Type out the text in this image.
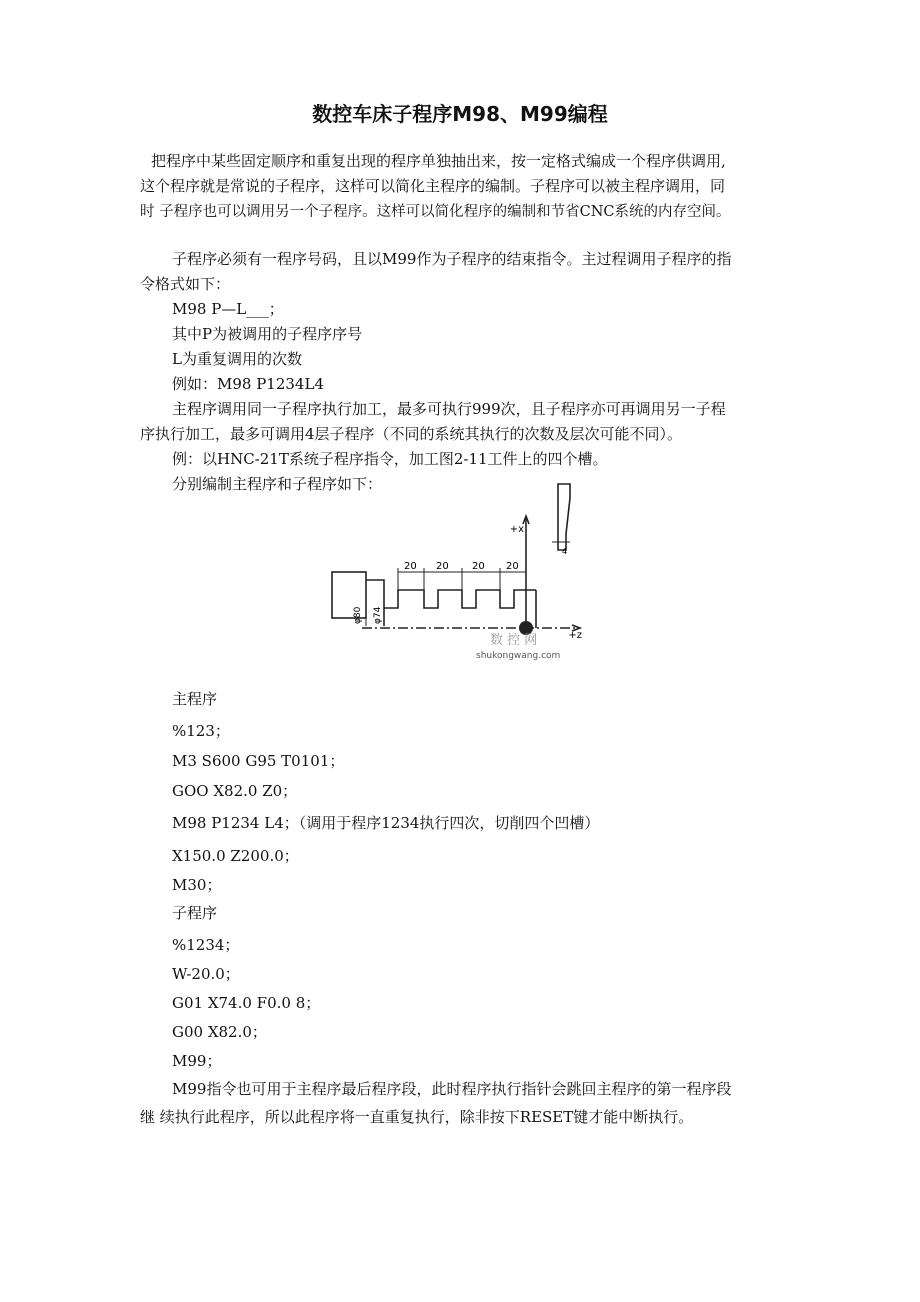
数控车床子程序M98、M99编程
把程序中某些固定顺序和重复出现的程序单独抽出来，按一定格式编成一个程序供调用,
这个程序就是常说的子程序，这样可以简化主程序的编制。子程序可以被主程序调用，同
时 子程序也可以调用另一个子程序。这样可以简化程序的编制和节省CNC系统的内存空间。
子程序必须有一程序号码，且以M99作为子程序的结束指令。主过程调用子程序的指
令格式如下：
M98 P—L___；
其中P为被调用的子程序序号
L为重复调用的次数
例如：M98 P1234L4
主程序调用同一子程序执行加工，最多可执行999次，且子程序亦可再调用另一子程
序执行加工，最多可调用4层子程序（不同的系统其执行的次数及层次可能不同）。
例：以HNC-21T系统子程序指令，加工图2-11工件上的四个槽。
分别编制主程序和子程序如下：
20 20 20 20
φ80 φ74
+x
+z
4
数 控 网
shukongwang.com
主程序
%123；
M3 S600 G95 T0101；
GOO X82.0 Z0；
M98 P1234 L4；（调用于程序1234执行四次，切削四个凹槽）
X150.0 Z200.0；
M30；
子程序
%1234；
W-20.0；
G01 X74.0 F0.0 8；
G00 X82.0；
M99；
M99指令也可用于主程序最后程序段，此时程序执行指针会跳回主程序的第一程序段
继 续执行此程序，所以此程序将一直重复执行，除非按下RESET键才能中断执行。
